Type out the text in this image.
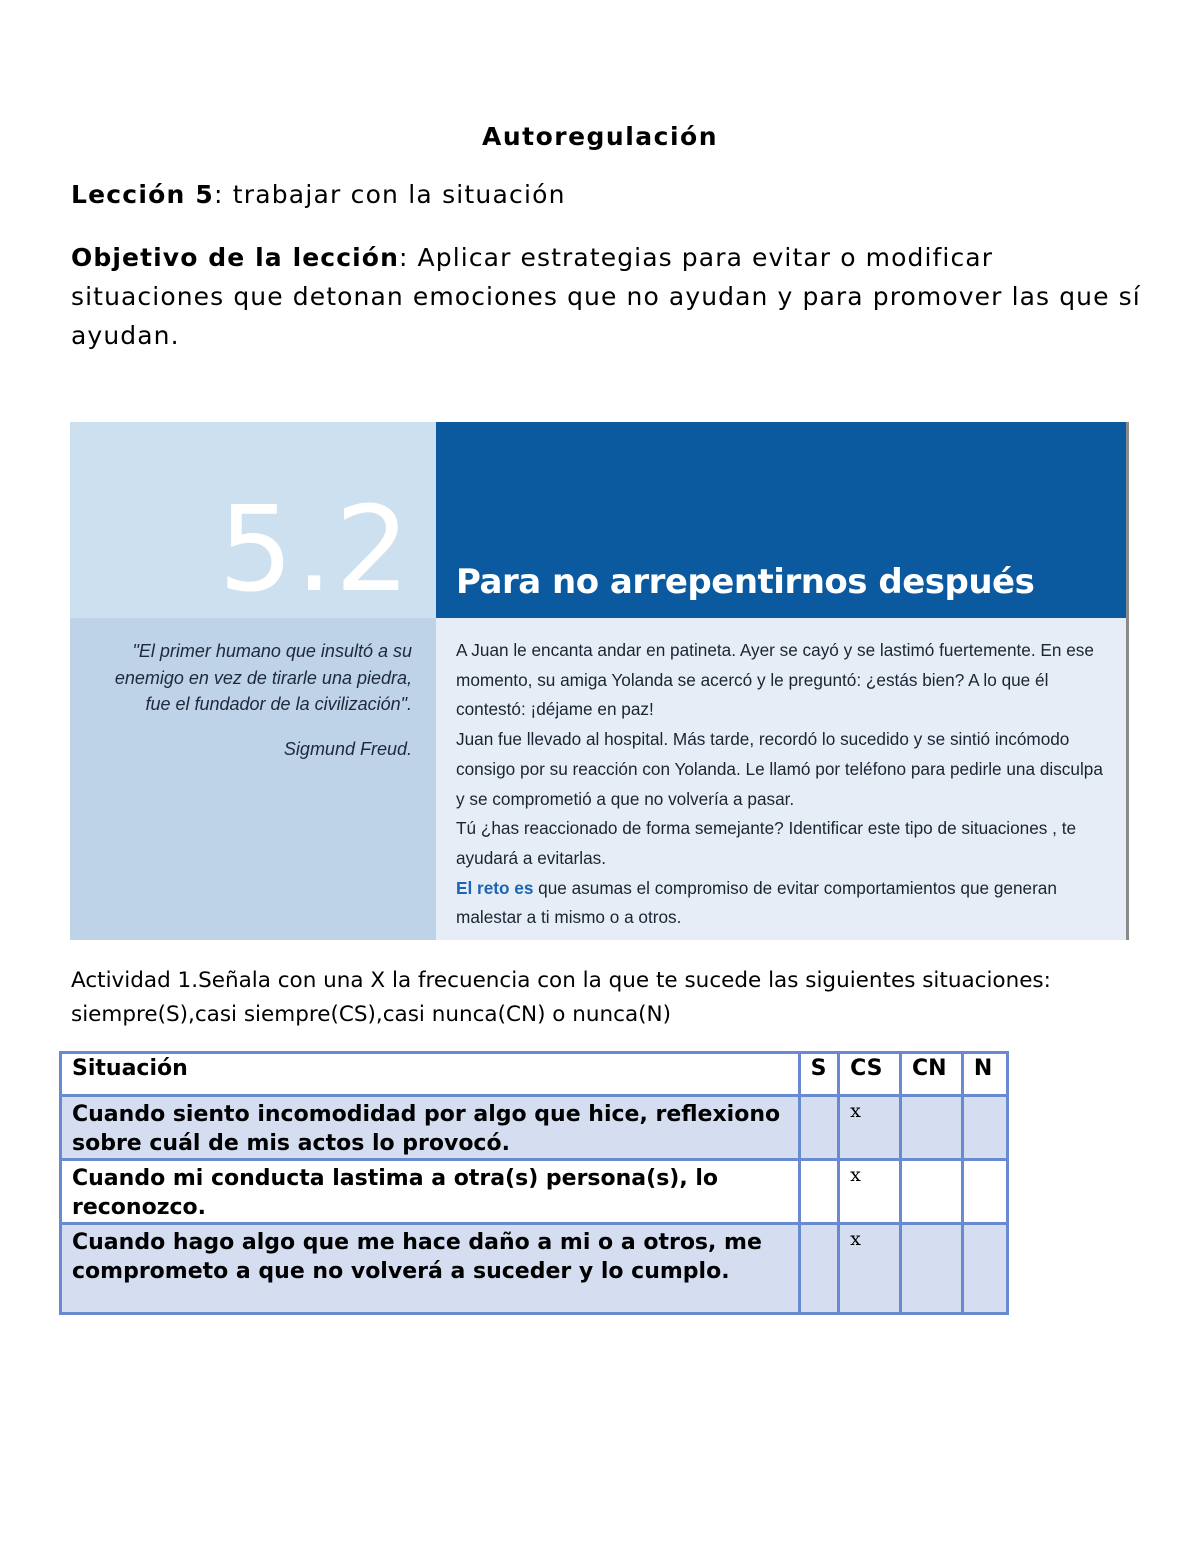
Autoregulación
Lección 5: trabajar con la situación
Objetivo de la lección: Aplicar estrategias para evitar o modificar situaciones que detonan emociones que no ayudan y para promover las que sí ayudan.
5.2 Para no arrepentirnos después
"El primer humano que insultó a su enemigo en vez de tirarle una piedra, fue el fundador de la civilización".
Sigmund Freud.

A Juan le encanta andar en patineta. Ayer se cayó y se lastimó fuertemente. En ese momento, su amiga Yolanda se acercó y le preguntó: ¿estás bien? A lo que él contestó: ¡déjame en paz!

Juan fue llevado al hospital. Más tarde, recordó lo sucedido y se sintió incómodo consigo por su reacción con Yolanda. Le llamó por teléfono para pedirle una disculpa y se comprometió a que no volvería a pasar.

Tú ¿has reaccionado de forma semejante? Identificar este tipo de situaciones , te ayudará a evitarlas.

El reto es que asumas el compromiso de evitar comportamientos que generan malestar a ti mismo o a otros.

Actividad 1.Señala con una X la frecuencia con la que te sucede las siguientes situaciones: siempre(S),casi siempre(CS),casi nunca(CN) o nunca(N)
Situación	S	CS	CN	N
Cuando siento incomodidad por algo que hice, reflexiono sobre cuál de mis actos lo provocó.		x		
Cuando mi conducta lastima a otra(s) persona(s), lo reconozco.		x		
Cuando hago algo que me hace daño a mi o a otros, me comprometo a que no volverá a suceder y lo cumplo.		x		
